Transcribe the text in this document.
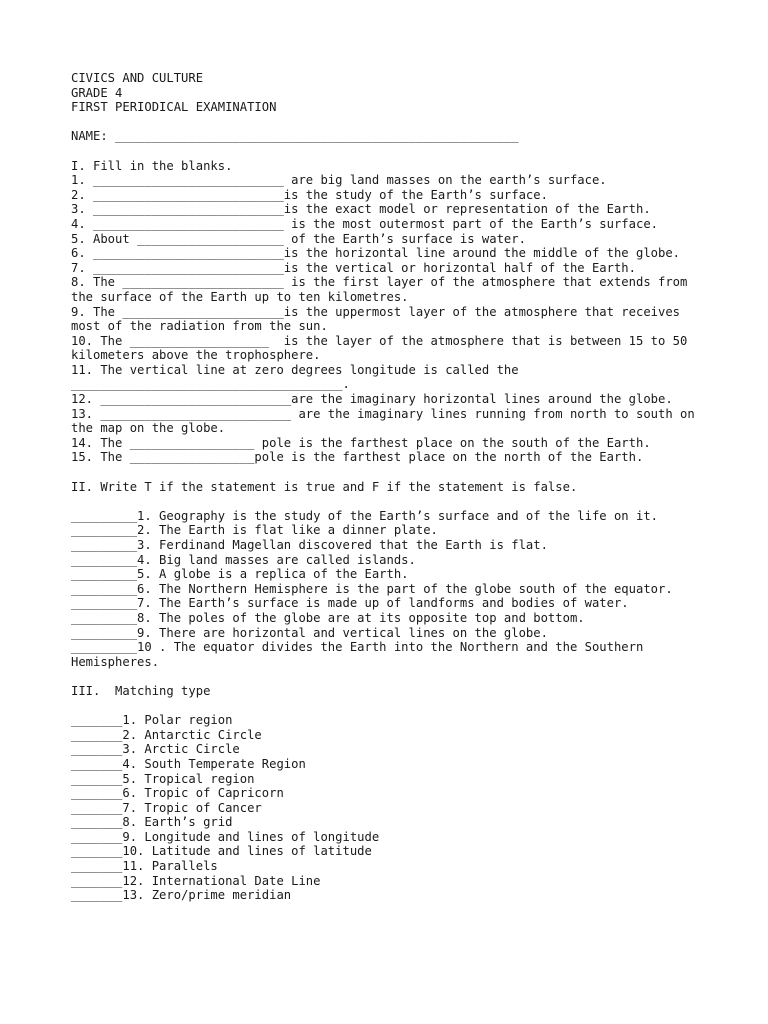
CIVICS AND CULTURE
GRADE 4
FIRST PERIODICAL EXAMINATION
NAME: _______________________________________________________
I. Fill in the blanks.
1. __________________________ are big land masses on the earth’s surface.
2. __________________________is the study of the Earth’s surface.
3. __________________________is the exact model or representation of the Earth.
4. __________________________ is the most outermost part of the Earth’s surface.
5. About ____________________ of the Earth’s surface is water.
6. __________________________is the horizontal line around the middle of the globe.
7. __________________________is the vertical or horizontal half of the Earth.
8. The ______________________ is the first layer of the atmosphere that extends from the surface of the Earth up to ten kilometres.
9. The ______________________is the uppermost layer of the atmosphere that receives most of the radiation from the sun.
10. The ___________________  is the layer of the atmosphere that is between 15 to 50 kilometers above the trophosphere.
11. The vertical line at zero degrees longitude is called the _____________________________________.
12. __________________________are the imaginary horizontal lines around the globe.
13. __________________________ are the imaginary lines running from north to south on the map on the globe.
14. The _________________ pole is the farthest place on the south of the Earth.
15. The _________________pole is the farthest place on the north of the Earth.
II. Write T if the statement is true and F if the statement is false.
_________1. Geography is the study of the Earth’s surface and of the life on it.
_________2. The Earth is flat like a dinner plate.
_________3. Ferdinand Magellan discovered that the Earth is flat.
_________4. Big land masses are called islands.
_________5. A globe is a replica of the Earth.
_________6. The Northern Hemisphere is the part of the globe south of the equator.
_________7. The Earth’s surface is made up of landforms and bodies of water.
_________8. The poles of the globe are at its opposite top and bottom.
_________9. There are horizontal and vertical lines on the globe.
_________10 . The equator divides the Earth into the Northern and the Southern Hemispheres.
III.  Matching type
_______1. Polar region
_______2. Antarctic Circle
_______3. Arctic Circle
_______4. South Temperate Region
_______5. Tropical region
_______6. Tropic of Capricorn
_______7. Tropic of Cancer
_______8. Earth’s grid
_______9. Longitude and lines of longitude
_______10. Latitude and lines of latitude
_______11. Parallels
_______12. International Date Line
_______13. Zero/prime meridian
